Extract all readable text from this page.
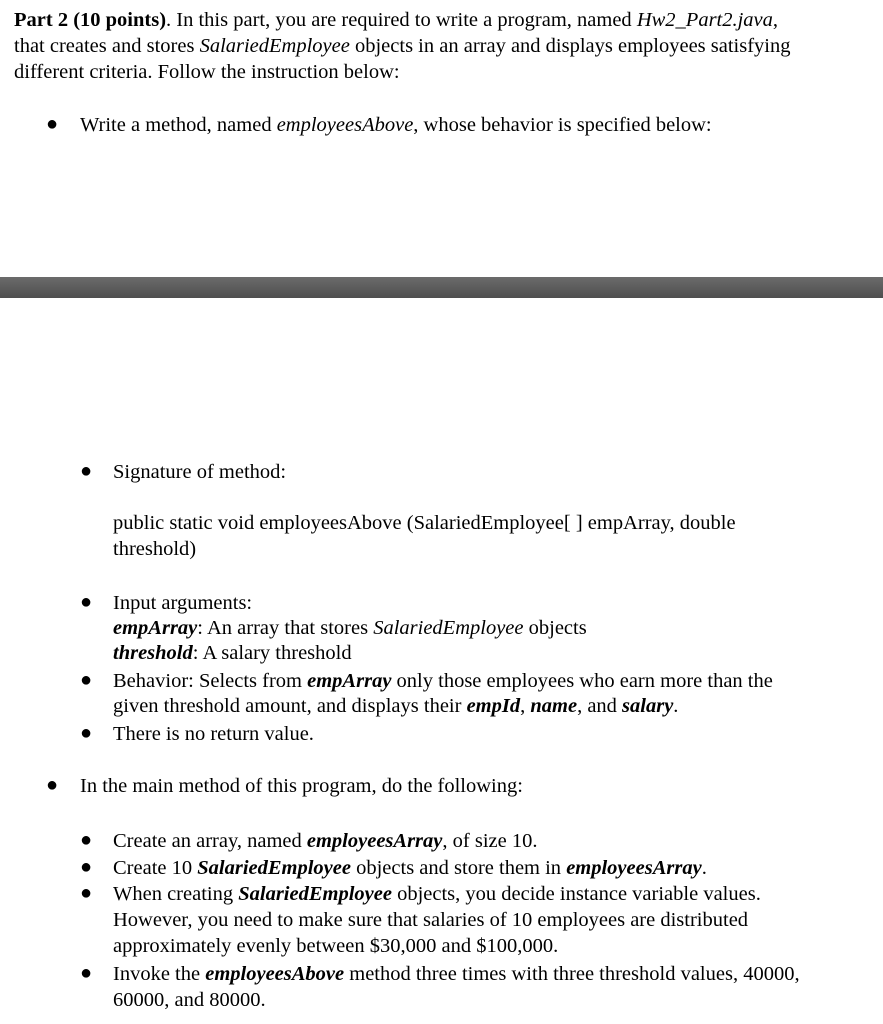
Part 2 (10 points). In this part, you are required to write a program, named Hw2_Part2.java,
that creates and stores SalariedEmployee objects in an array and displays employees satisfying
different criteria. Follow the instruction below:
● Write a method, named employeesAbove, whose behavior is specified below:
● Signature of method:
public static void employeesAbove (SalariedEmployee[ ] empArray, double
threshold)
● Input arguments:
empArray: An array that stores SalariedEmployee objects
threshold: A salary threshold
● Behavior: Selects from empArray only those employees who earn more than the
given threshold amount, and displays their empId, name, and salary.
● There is no return value.
● In the main method of this program, do the following:
● Create an array, named employeesArray, of size 10.
● Create 10 SalariedEmployee objects and store them in employeesArray.
● When creating SalariedEmployee objects, you decide instance variable values.
However, you need to make sure that salaries of 10 employees are distributed
approximately evenly between $30,000 and $100,000.
● Invoke the employeesAbove method three times with three threshold values, 40000,
60000, and 80000.
